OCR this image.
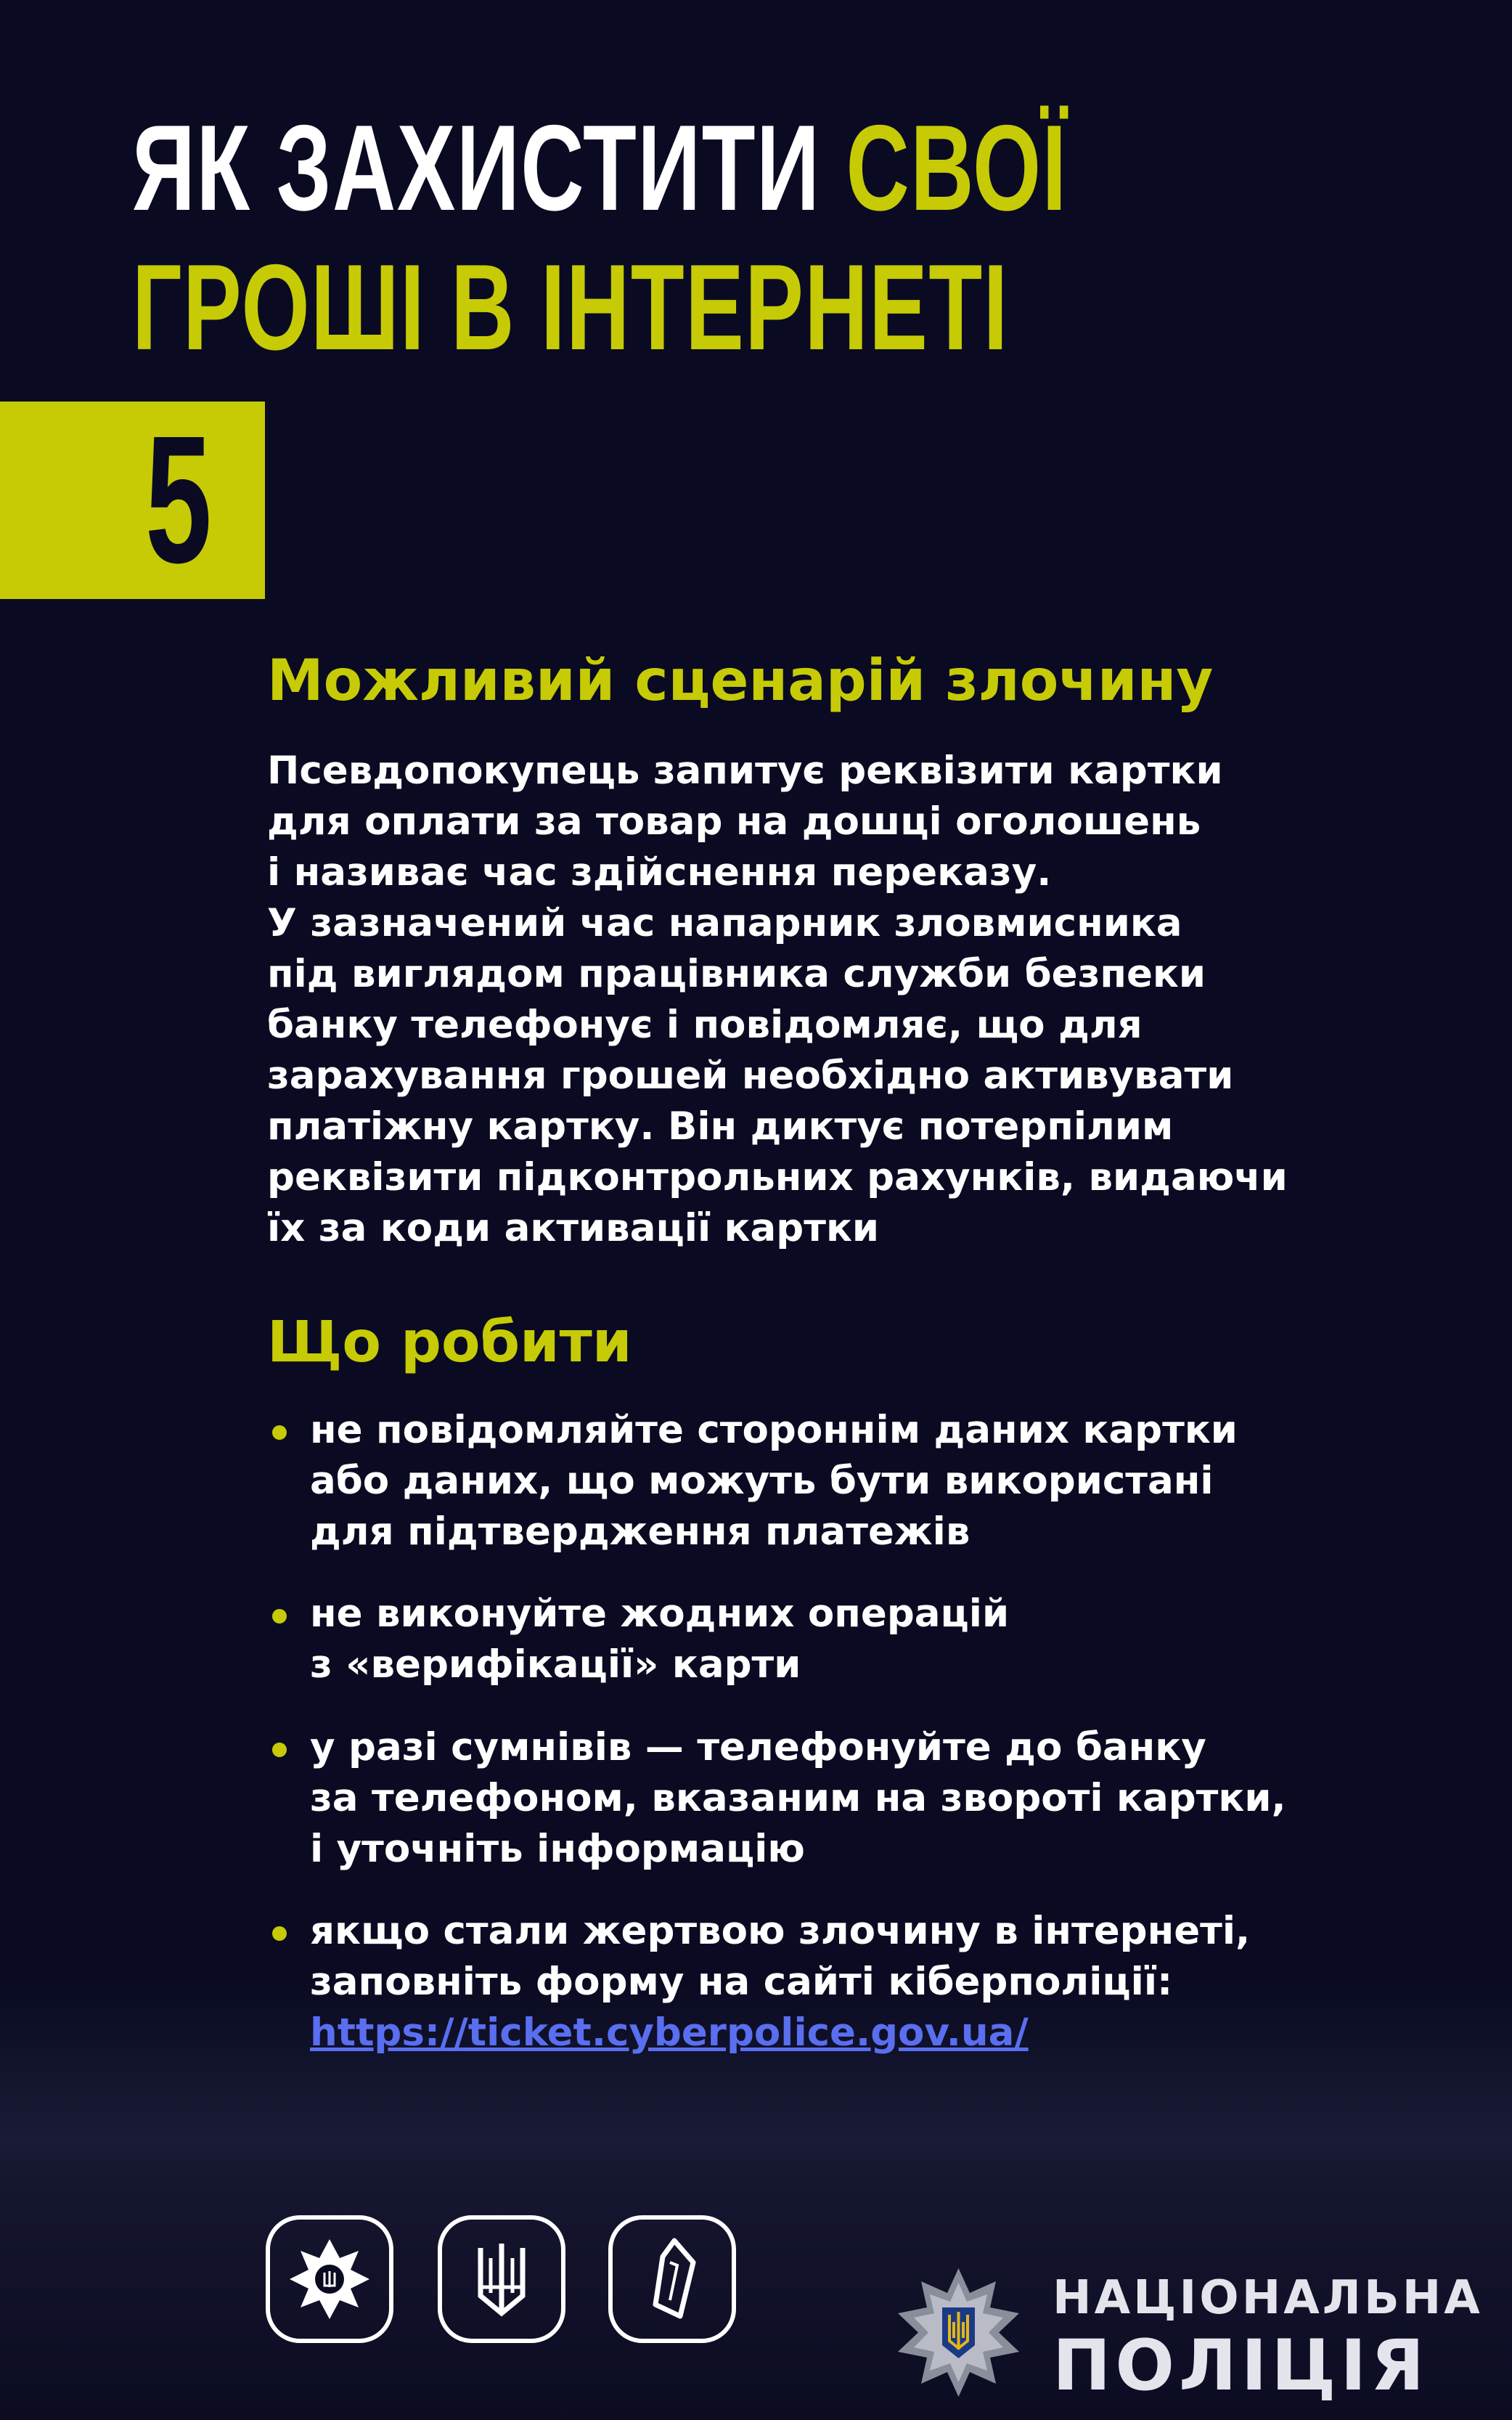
ЯК ЗАХИСТИТИ СВОЇ
ГРОШІ В ІНТЕРНЕТІ
5
Можливий сценарій злочину

Псевдопокупець запитує реквізити картки
для оплати за товар на дошці оголошень
і називає час здійснення переказу.
У зазначений час напарник зловмисника
під виглядом працівника служби безпеки
банку телефонує і повідомляє, що для
зарахування грошей необхідно активувати
платіжну картку. Він диктує потерпілим
реквізити підконтрольних рахунків, видаючи
їх за коди активації картки

Що робити
не повідомляйте стороннім даних картки
або даних, що можуть бути використані
для підтвердження платежів
не виконуйте жодних операцій
з «верифікації» карти
у разі сумнівів — телефонуйте до банку
за телефоном, вказаним на звороті картки,
і уточніть інформацію
якщо стали жертвою злочину в інтернеті,
заповніть форму на сайті кіберполіції:
https://ticket.cyberpolice.gov.ua/
НАЦІОНАЛЬНА
ПОЛІЦІЯ
